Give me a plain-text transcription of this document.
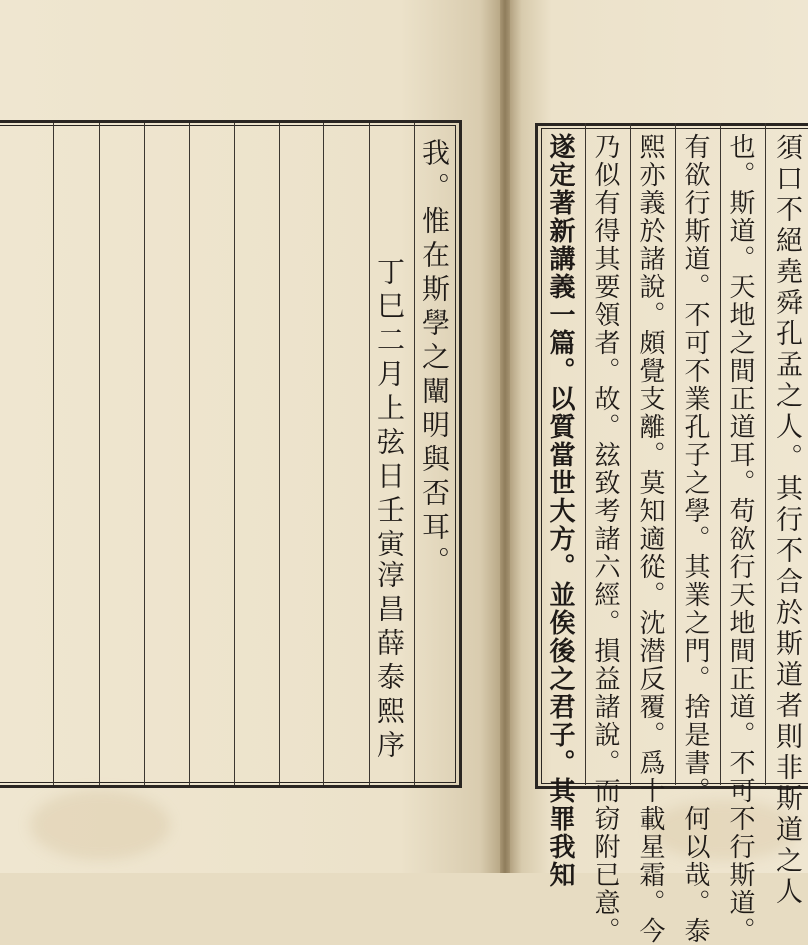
我。惟在斯學之闡明與否耳。
丁巳二月上弦日壬寅
淳昌薛泰熙序	須口不絕堯舜孔孟之人。其行不合於斯道者則非斯道之人
也。斯道。天地之間正道耳。苟欲行天地間正道。不可不行斯道。
有欲行斯道。不可不業孔子之學。其業之門。捨是書。何以哉。泰
熙亦義於諸說。頗覺支離。莫知適從。沈潜反覆。爲十載星霜。今
乃似有得其要領者。故。玆致考諸六經。損益諸說。而窃附已意。
遂定著新講義一篇。以質當世大方。並俟後之君子。其罪我知
